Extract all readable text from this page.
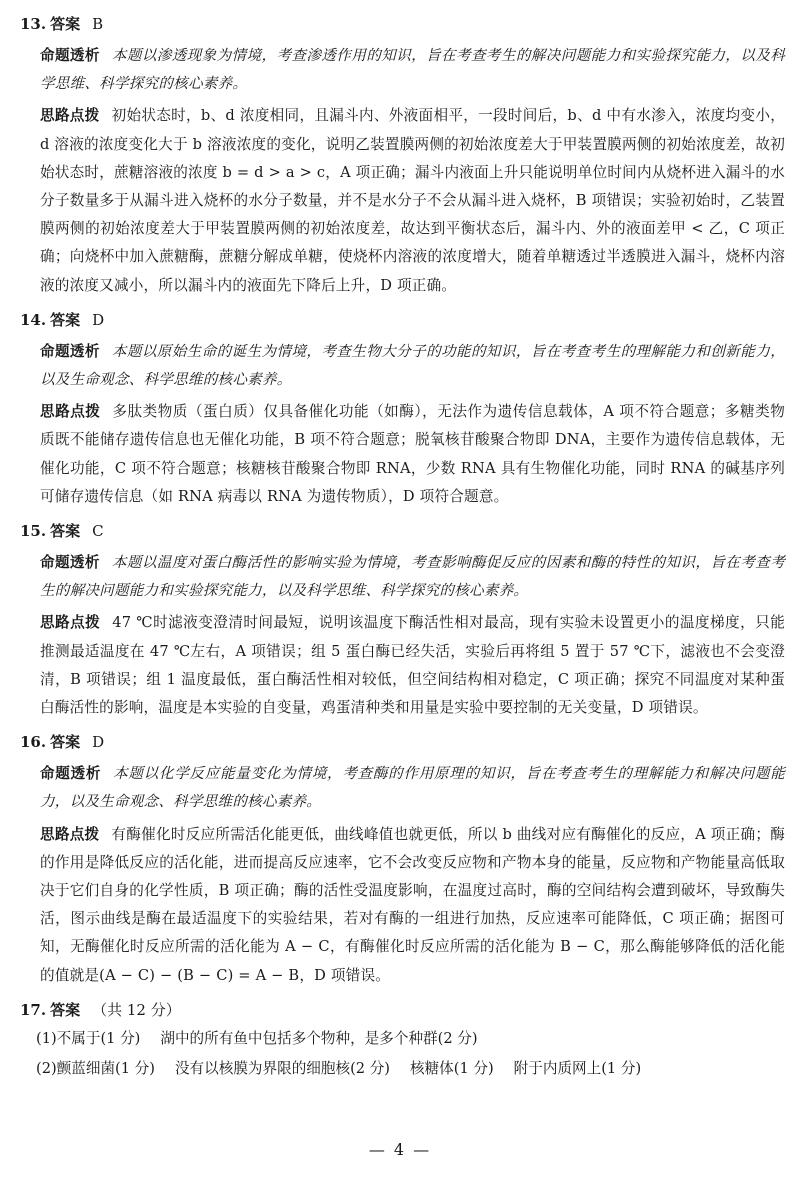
13. 答案 B

命题透析 本题以渗透现象为情境，考查渗透作用的知识，旨在考查考生的解决问题能力和实验探究能力，以及科学思维、科学探究的核心素养。

思路点拨 初始状态时，b、d 浓度相同，且漏斗内、外液面相平，一段时间后，b、d 中有水渗入，浓度均变小，d 溶液的浓度变化大于 b 溶液浓度的变化，说明乙装置膜两侧的初始浓度差大于甲装置膜两侧的初始浓度差，故初始状态时，蔗糖溶液的浓度 b = d > a > c，A 项正确；漏斗内液面上升只能说明单位时间内从烧杯进入漏斗的水分子数量多于从漏斗进入烧杯的水分子数量，并不是水分子不会从漏斗进入烧杯，B 项错误；实验初始时，乙装置膜两侧的初始浓度差大于甲装置膜两侧的初始浓度差，故达到平衡状态后，漏斗内、外的液面差甲 < 乙，C 项正确；向烧杯中加入蔗糖酶，蔗糖分解成单糖，使烧杯内溶液的浓度增大，随着单糖透过半透膜进入漏斗，烧杯内溶液的浓度又减小，所以漏斗内的液面先下降后上升，D 项正确。

14. 答案 D

命题透析 本题以原始生命的诞生为情境，考查生物大分子的功能的知识，旨在考查考生的理解能力和创新能力，以及生命观念、科学思维的核心素养。

思路点拨 多肽类物质（蛋白质）仅具备催化功能（如酶），无法作为遗传信息载体，A 项不符合题意；多糖类物质既不能储存遗传信息也无催化功能，B 项不符合题意；脱氧核苷酸聚合物即 DNA，主要作为遗传信息载体，无催化功能，C 项不符合题意；核糖核苷酸聚合物即 RNA，少数 RNA 具有生物催化功能，同时 RNA 的碱基序列可储存遗传信息（如 RNA 病毒以 RNA 为遗传物质），D 项符合题意。

15. 答案 C

命题透析 本题以温度对蛋白酶活性的影响实验为情境，考查影响酶促反应的因素和酶的特性的知识，旨在考查考生的解决问题能力和实验探究能力，以及科学思维、科学探究的核心素养。

思路点拨 47 ℃时滤液变澄清时间最短，说明该温度下酶活性相对最高，现有实验未设置更小的温度梯度，只能推测最适温度在 47 ℃左右，A 项错误；组 5 蛋白酶已经失活，实验后再将组 5 置于 57 ℃下，滤液也不会变澄清，B 项错误；组 1 温度最低，蛋白酶活性相对较低，但空间结构相对稳定，C 项正确；探究不同温度对某种蛋白酶活性的影响，温度是本实验的自变量，鸡蛋清种类和用量是实验中要控制的无关变量，D 项错误。

16. 答案 D

命题透析 本题以化学反应能量变化为情境，考查酶的作用原理的知识，旨在考查考生的理解能力和解决问题能力，以及生命观念、科学思维的核心素养。

思路点拨 有酶催化时反应所需活化能更低，曲线峰值也就更低，所以 b 曲线对应有酶催化的反应，A 项正确；酶的作用是降低反应的活化能，进而提高反应速率，它不会改变反应物和产物本身的能量，反应物和产物能量高低取决于它们自身的化学性质，B 项正确；酶的活性受温度影响，在温度过高时，酶的空间结构会遭到破坏，导致酶失活，图示曲线是酶在最适温度下的实验结果，若对有酶的一组进行加热，反应速率可能降低，C 项正确；据图可知，无酶催化时反应所需的活化能为 A − C，有酶催化时反应所需的活化能为 B − C，那么酶能够降低的活化能的值就是(A − C) − (B − C) = A − B，D 项错误。

17. 答案 （共 12 分）
(1)不属于(1 分) 湖中的所有鱼中包括多个物种，是多个种群(2 分)
(2)颤蓝细菌(1 分) 没有以核膜为界限的细胞核(2 分) 核糖体(1 分) 附于内质网上(1 分)
— 4 —
